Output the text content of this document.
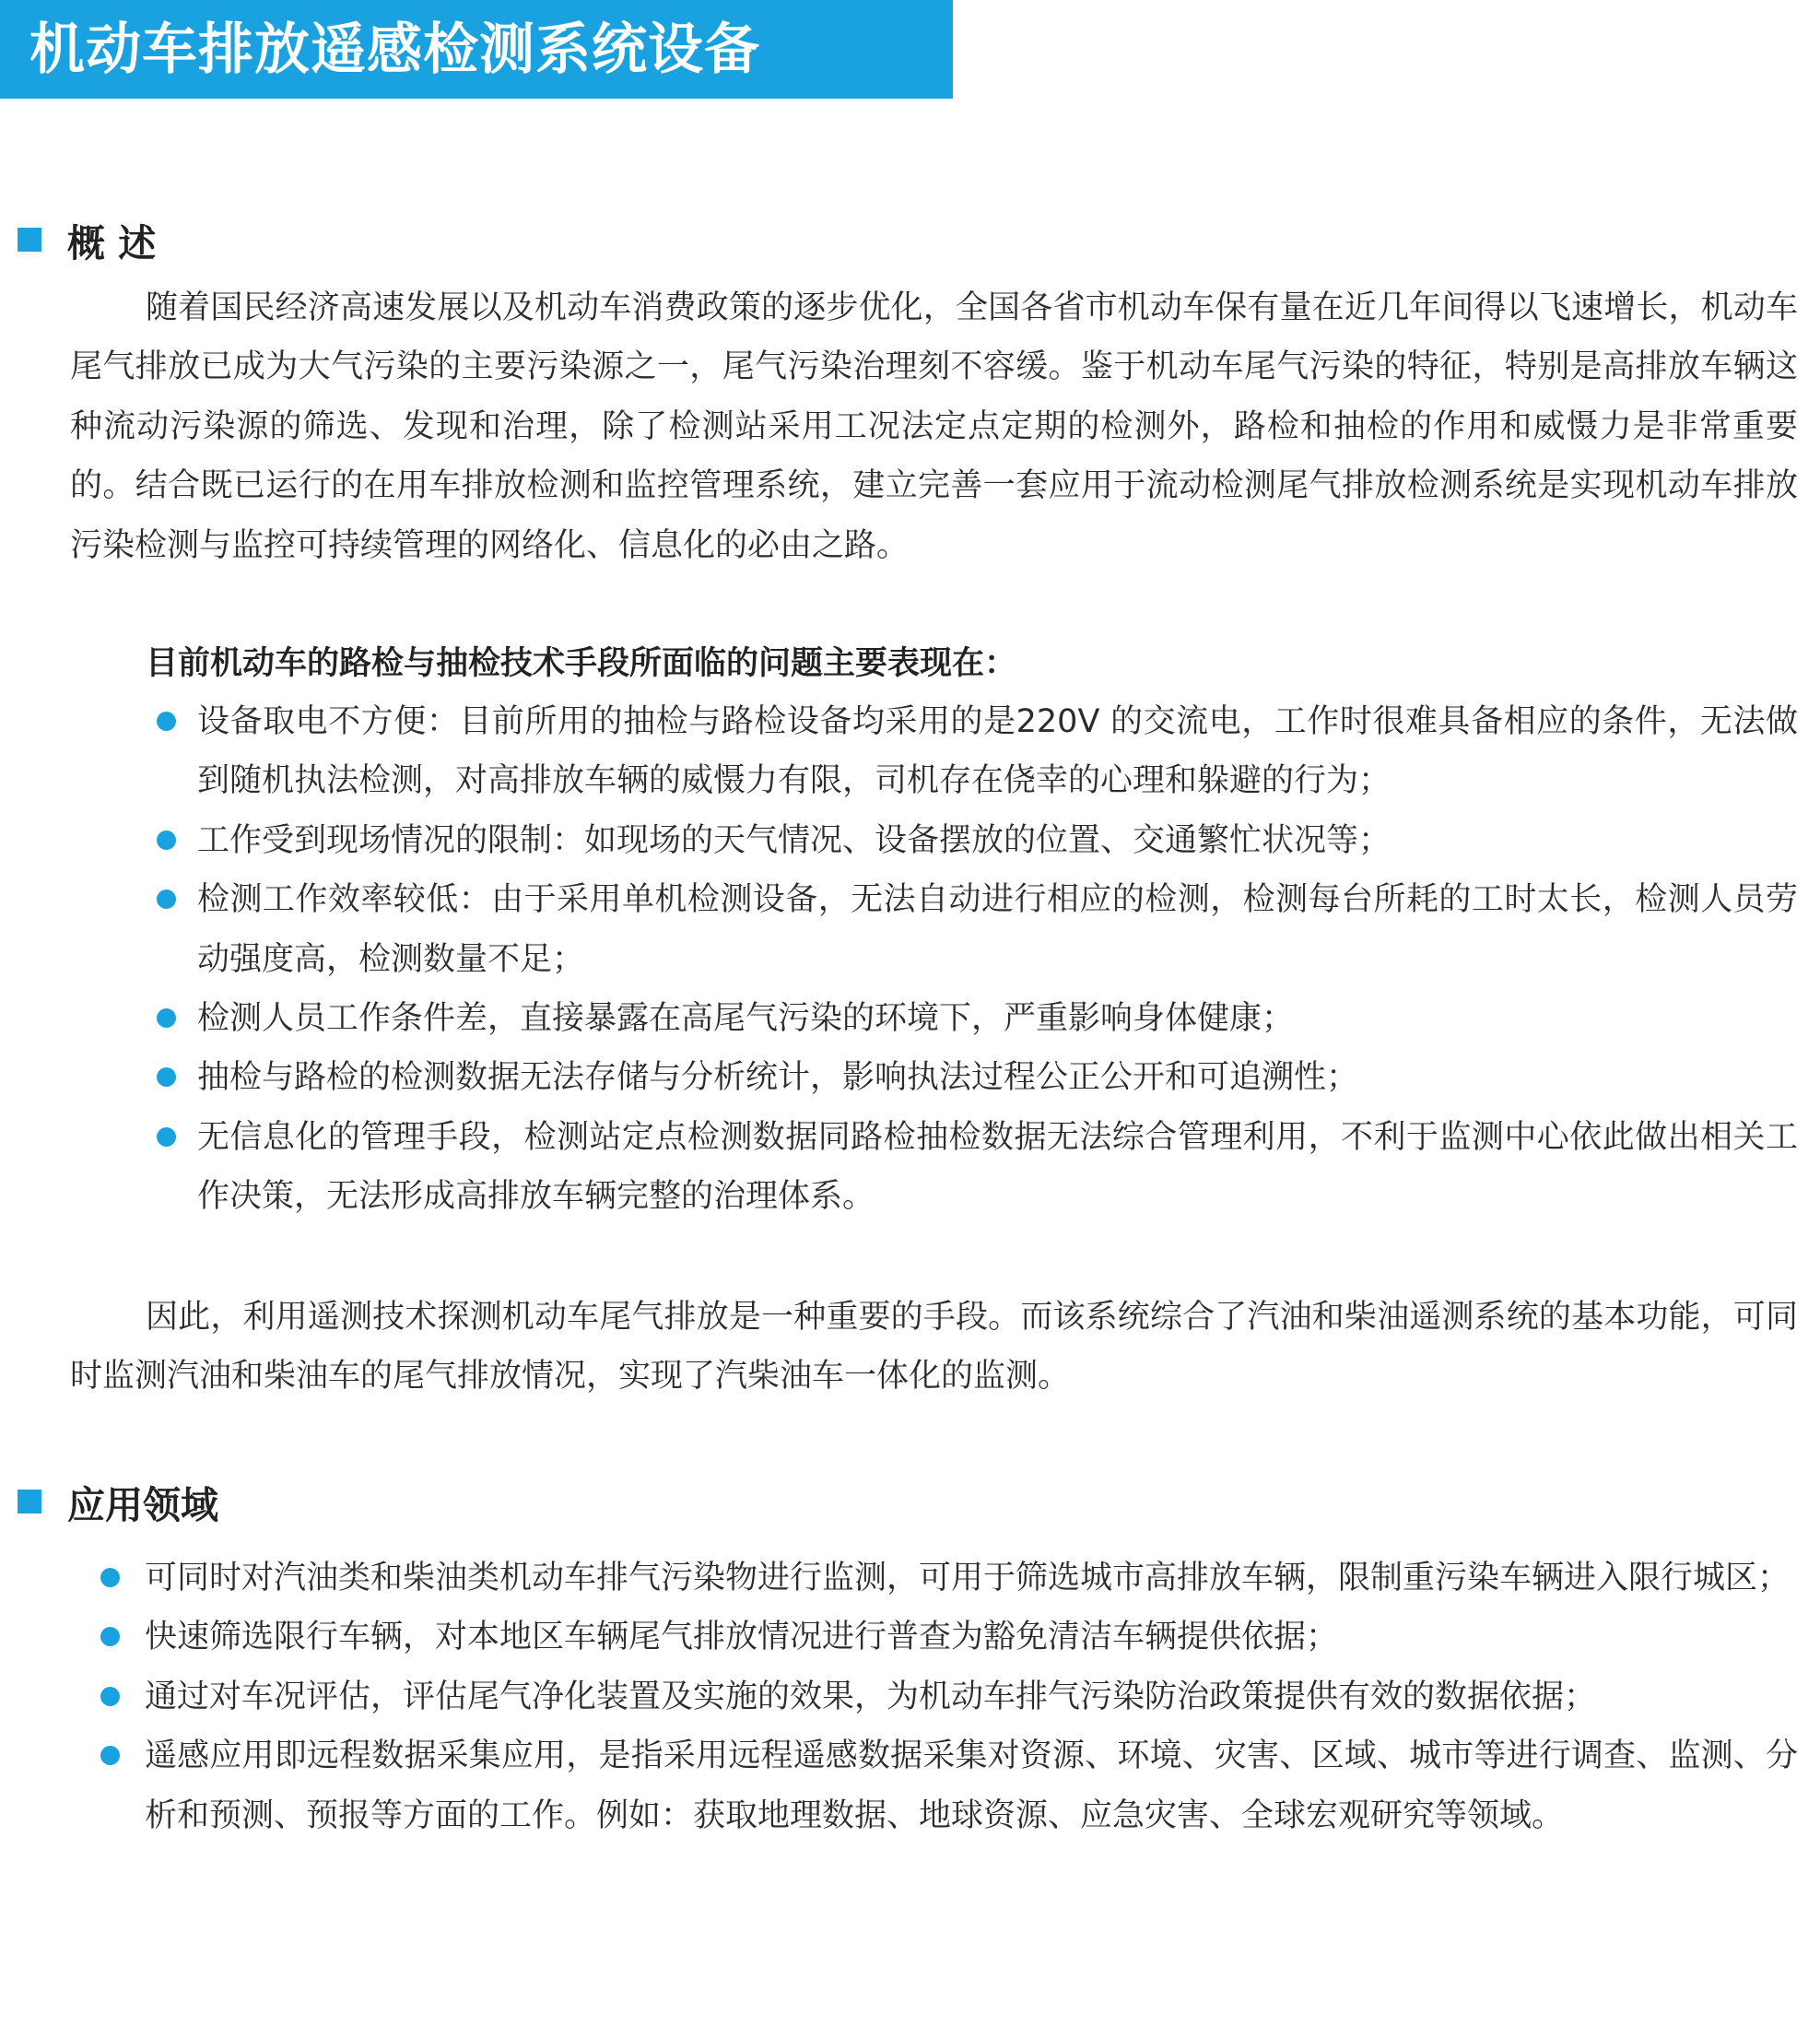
机动车排放遥感检测系统设备
概 述

随着国民经济高速发展以及机动车消费政策的逐步优化，全国各省市机动车保有量在近几年间得以飞速增长，机动车尾气排放已成为大气污染的主要污染源之一，尾气污染治理刻不容缓。鉴于机动车尾气污染的特征，特别是高排放车辆这种流动污染源的筛选、发现和治理，除了检测站采用工况法定点定期的检测外，路检和抽检的作用和威慑力是非常重要的。结合既已运行的在用车排放检测和监控管理系统，建立完善一套应用于流动检测尾气排放检测系统是实现机动车排放污染检测与监控可持续管理的网络化、信息化的必由之路。

目前机动车的路检与抽检技术手段所面临的问题主要表现在：

设备取电不方便：目前所用的抽检与路检设备均采用的是220V 的交流电，工作时很难具备相应的条件，无法做到随机执法检测，对高排放车辆的威慑力有限，司机存在侥幸的心理和躲避的行为；
工作受到现场情况的限制：如现场的天气情况、设备摆放的位置、交通繁忙状况等；
检测工作效率较低：由于采用单机检测设备，无法自动进行相应的检测，检测每台所耗的工时太长，检测人员劳动强度高，检测数量不足；
检测人员工作条件差，直接暴露在高尾气污染的环境下，严重影响身体健康；
抽检与路检的检测数据无法存储与分析统计，影响执法过程公正公开和可追溯性；
无信息化的管理手段，检测站定点检测数据同路检抽检数据无法综合管理利用，不利于监测中心依此做出相关工作决策，无法形成高排放车辆完整的治理体系。

因此，利用遥测技术探测机动车尾气排放是一种重要的手段。而该系统综合了汽油和柴油遥测系统的基本功能，可同时监测汽油和柴油车的尾气排放情况，实现了汽柴油车一体化的监测。

应用领域
可同时对汽油类和柴油类机动车排气污染物进行监测，可用于筛选城市高排放车辆，限制重污染车辆进入限行城区；
快速筛选限行车辆，对本地区车辆尾气排放情况进行普查为豁免清洁车辆提供依据；
通过对车况评估，评估尾气净化装置及实施的效果，为机动车排气污染防治政策提供有效的数据依据；
遥感应用即远程数据采集应用，是指采用远程遥感数据采集对资源、环境、灾害、区域、城市等进行调查、监测、分析和预测、预报等方面的工作。例如：获取地理数据、地球资源、应急灾害、全球宏观研究等领域。
